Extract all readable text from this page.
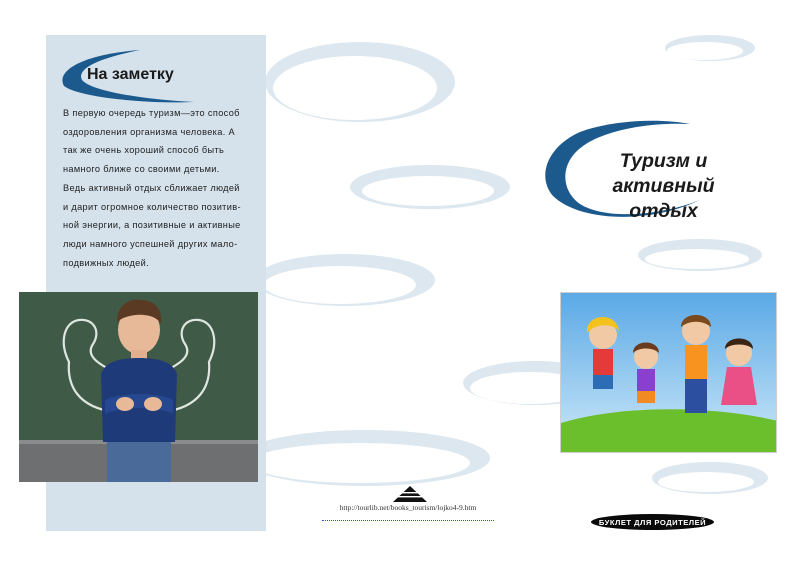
На заметку
В первую очередь туризм—это способ
оздоровления организма человека. А
так же очень хороший способ быть
намного ближе со своими детьми.
Ведь активный отдых сближает людей
и дарит огромное количество позитив-
ной энергии, а позитивные и активные
люди намного успешней других мало-
подвижных людей.
Туризм и активный
отдых
http://tourlib.net/books_tourism/lojko4-9.htm
БУКЛЕТ ДЛЯ РОДИТЕЛЕЙ
